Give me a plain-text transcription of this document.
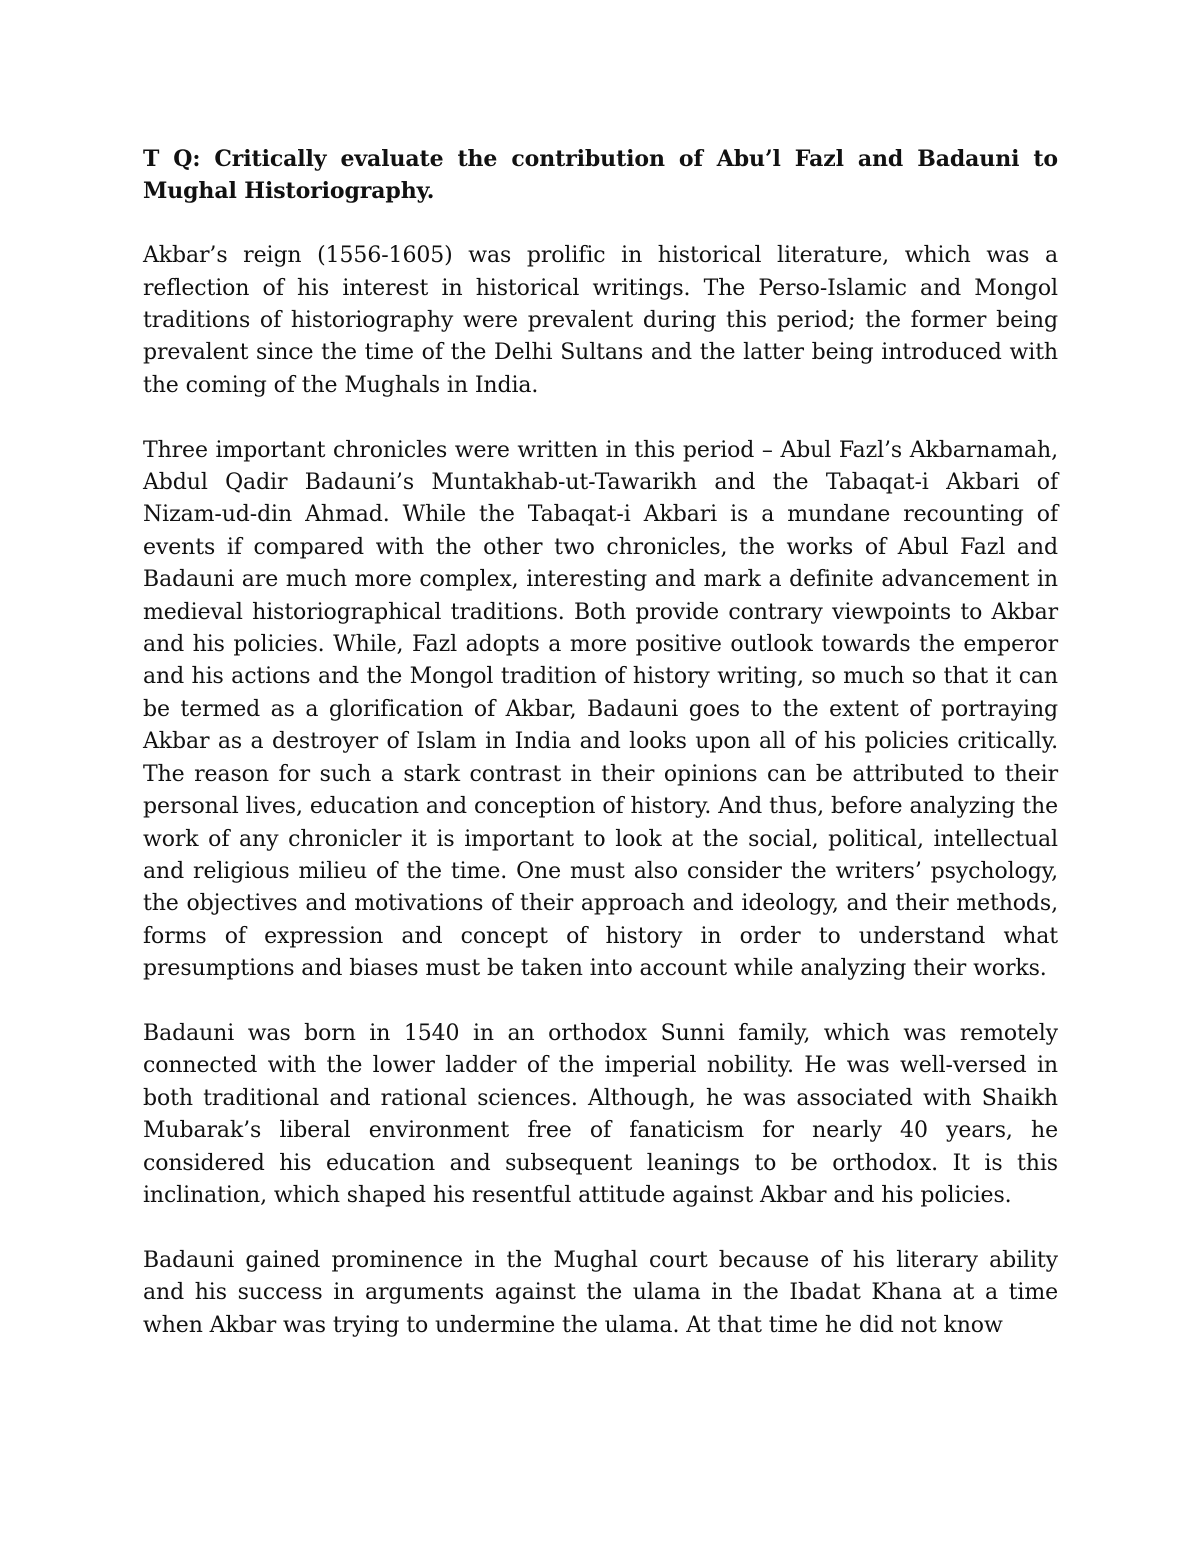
T Q: Critically evaluate the contribution of Abu’l Fazl and Badauni to Mughal Historiography.

Akbar’s reign (1556-1605) was prolific in historical literature, which was a reflection of his interest in historical writings. The Perso-Islamic and Mongol traditions of historiography were prevalent during this period; the former being prevalent since the time of the Delhi Sultans and the latter being introduced with the coming of the Mughals in India.

Three important chronicles were written in this period – Abul Fazl’s Akbarnamah, Abdul Qadir Badauni’s Muntakhab-ut-Tawarikh and the Tabaqat-i Akbari of Nizam-ud-din Ahmad. While the Tabaqat-i Akbari is a mundane recounting of events if compared with the other two chronicles, the works of Abul Fazl and Badauni are much more complex, interesting and mark a definite advancement in medieval historiographical traditions. Both provide contrary viewpoints to Akbar and his policies. While, Fazl adopts a more positive outlook towards the emperor and his actions and the Mongol tradition of history writing, so much so that it can be termed as a glorification of Akbar, Badauni goes to the extent of portraying Akbar as a destroyer of Islam in India and looks upon all of his policies critically. The reason for such a stark contrast in their opinions can be attributed to their personal lives, education and conception of history. And thus, before analyzing the work of any chronicler it is important to look at the social, political, intellectual and religious milieu of the time. One must also consider the writers’ psychology, the objectives and motivations of their approach and ideology, and their methods, forms of expression and concept of history in order to understand what presumptions and biases must be taken into account while analyzing their works.

Badauni was born in 1540 in an orthodox Sunni family, which was remotely connected with the lower ladder of the imperial nobility. He was well-versed in both traditional and rational sciences. Although, he was associated with Shaikh Mubarak’s liberal environment free of fanaticism for nearly 40 years, he considered his education and subsequent leanings to be orthodox. It is this inclination, which shaped his resentful attitude against Akbar and his policies.

Badauni gained prominence in the Mughal court because of his literary ability and his success in arguments against the ulama in the Ibadat Khana at a time when Akbar was trying to undermine the ulama. At that time he did not know
